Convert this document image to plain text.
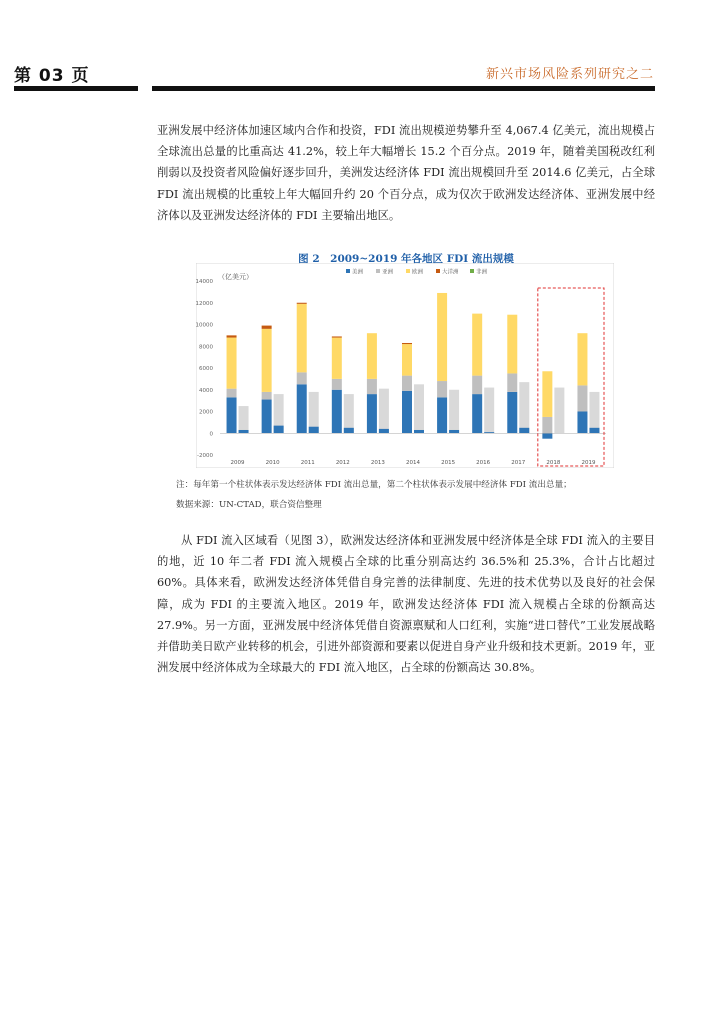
第 03 页	新兴市场风险系列研究之二

亚洲发展中经济体加速区域内合作和投资，FDI 流出规模逆势攀升至 4,067.4 亿美元，流出规模占全球流出总量的比重高达 41.2%，较上年大幅增长 15.2 个百分点。2019 年，随着美国税改红利削弱以及投资者风险偏好逐步回升，美洲发达经济体 FDI 流出规模回升至 2014.6 亿美元，占全球 FDI 流出规模的比重较上年大幅回升约 20 个百分点，成为仅次于欧洲发达经济体、亚洲发展中经济体以及亚洲发达经济体的 FDI 主要输出地区。

图 2　2009~2019 年各地区 FDI 流出规模
美洲	亚洲	欧洲	大洋洲	非洲
（亿美元）
-2000
0
2000
4000
6000
8000
10000
12000
14000
2009	2010	2011	2012	2013	2014	2015	2016	2017	2018	2019
注：每年第一个柱状体表示发达经济体 FDI 流出总量，第二个柱状体表示发展中经济体 FDI 流出总量；
数据来源：UN-CTAD，联合资信整理

从 FDI 流入区域看（见图 3），欧洲发达经济体和亚洲发展中经济体是全球 FDI 流入的主要目的地，近 10 年二者 FDI 流入规模占全球的比重分别高达约 36.5%和 25.3%，合计占比超过 60%。具体来看，欧洲发达经济体凭借自身完善的法律制度、先进的技术优势以及良好的社会保障，成为 FDI 的主要流入地区。2019 年，欧洲发达经济体 FDI 流入规模占全球的份额高达 27.9%。另一方面，亚洲发展中经济体凭借自资源禀赋和人口红利，实施“进口替代”工业发展战略并借助美日欧产业转移的机会，引进外部资源和要素以促进自身产业升级和技术更新。2019 年，亚洲发展中经济体成为全球最大的 FDI 流入地区，占全球的份额高达 30.8%。
